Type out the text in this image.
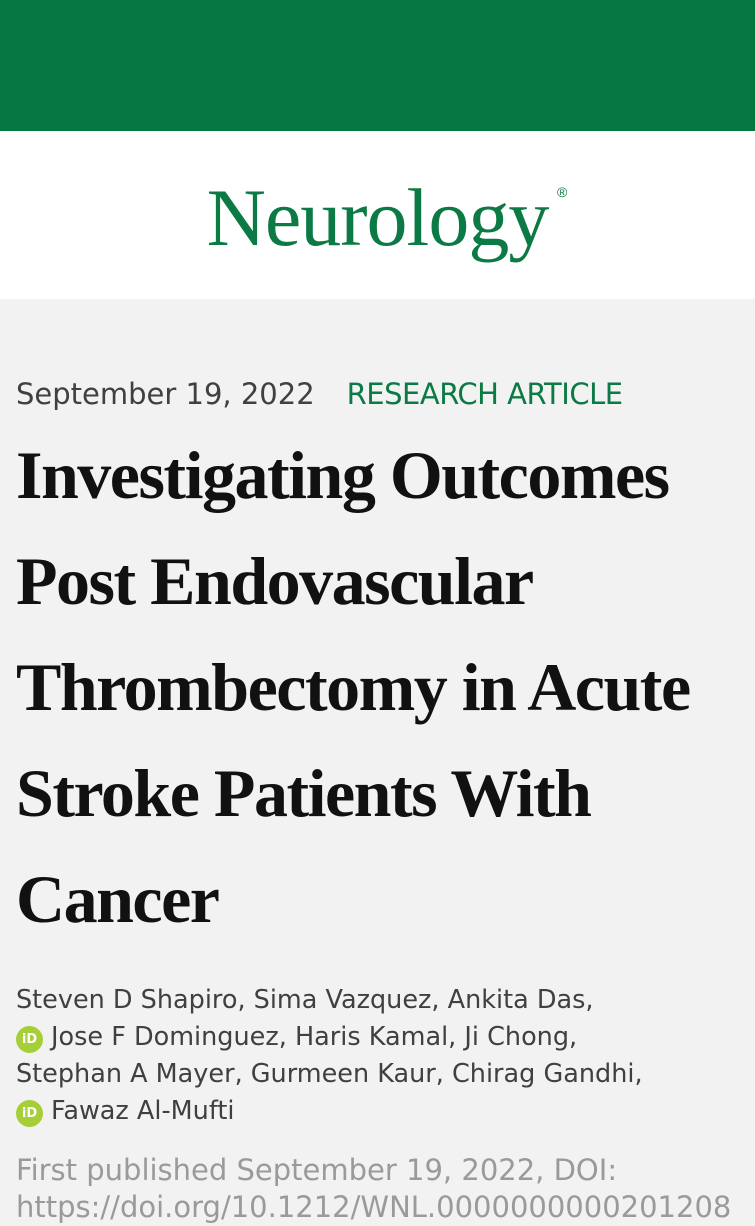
Neurology ®
September 19, 2022 RESEARCH ARTICLE
Investigating Outcomes
Post Endovascular
Thrombectomy in Acute
Stroke Patients With
Cancer
Steven D Shapiro, Sima Vazquez, Ankita Das,
iD Jose F Dominguez, Haris Kamal, Ji Chong,
Stephan A Mayer, Gurmeen Kaur, Chirag Gandhi,
iD Fawaz Al-Mufti
First published September 19, 2022, DOI:
https://doi.org/10.1212/WNL.0000000000201208
